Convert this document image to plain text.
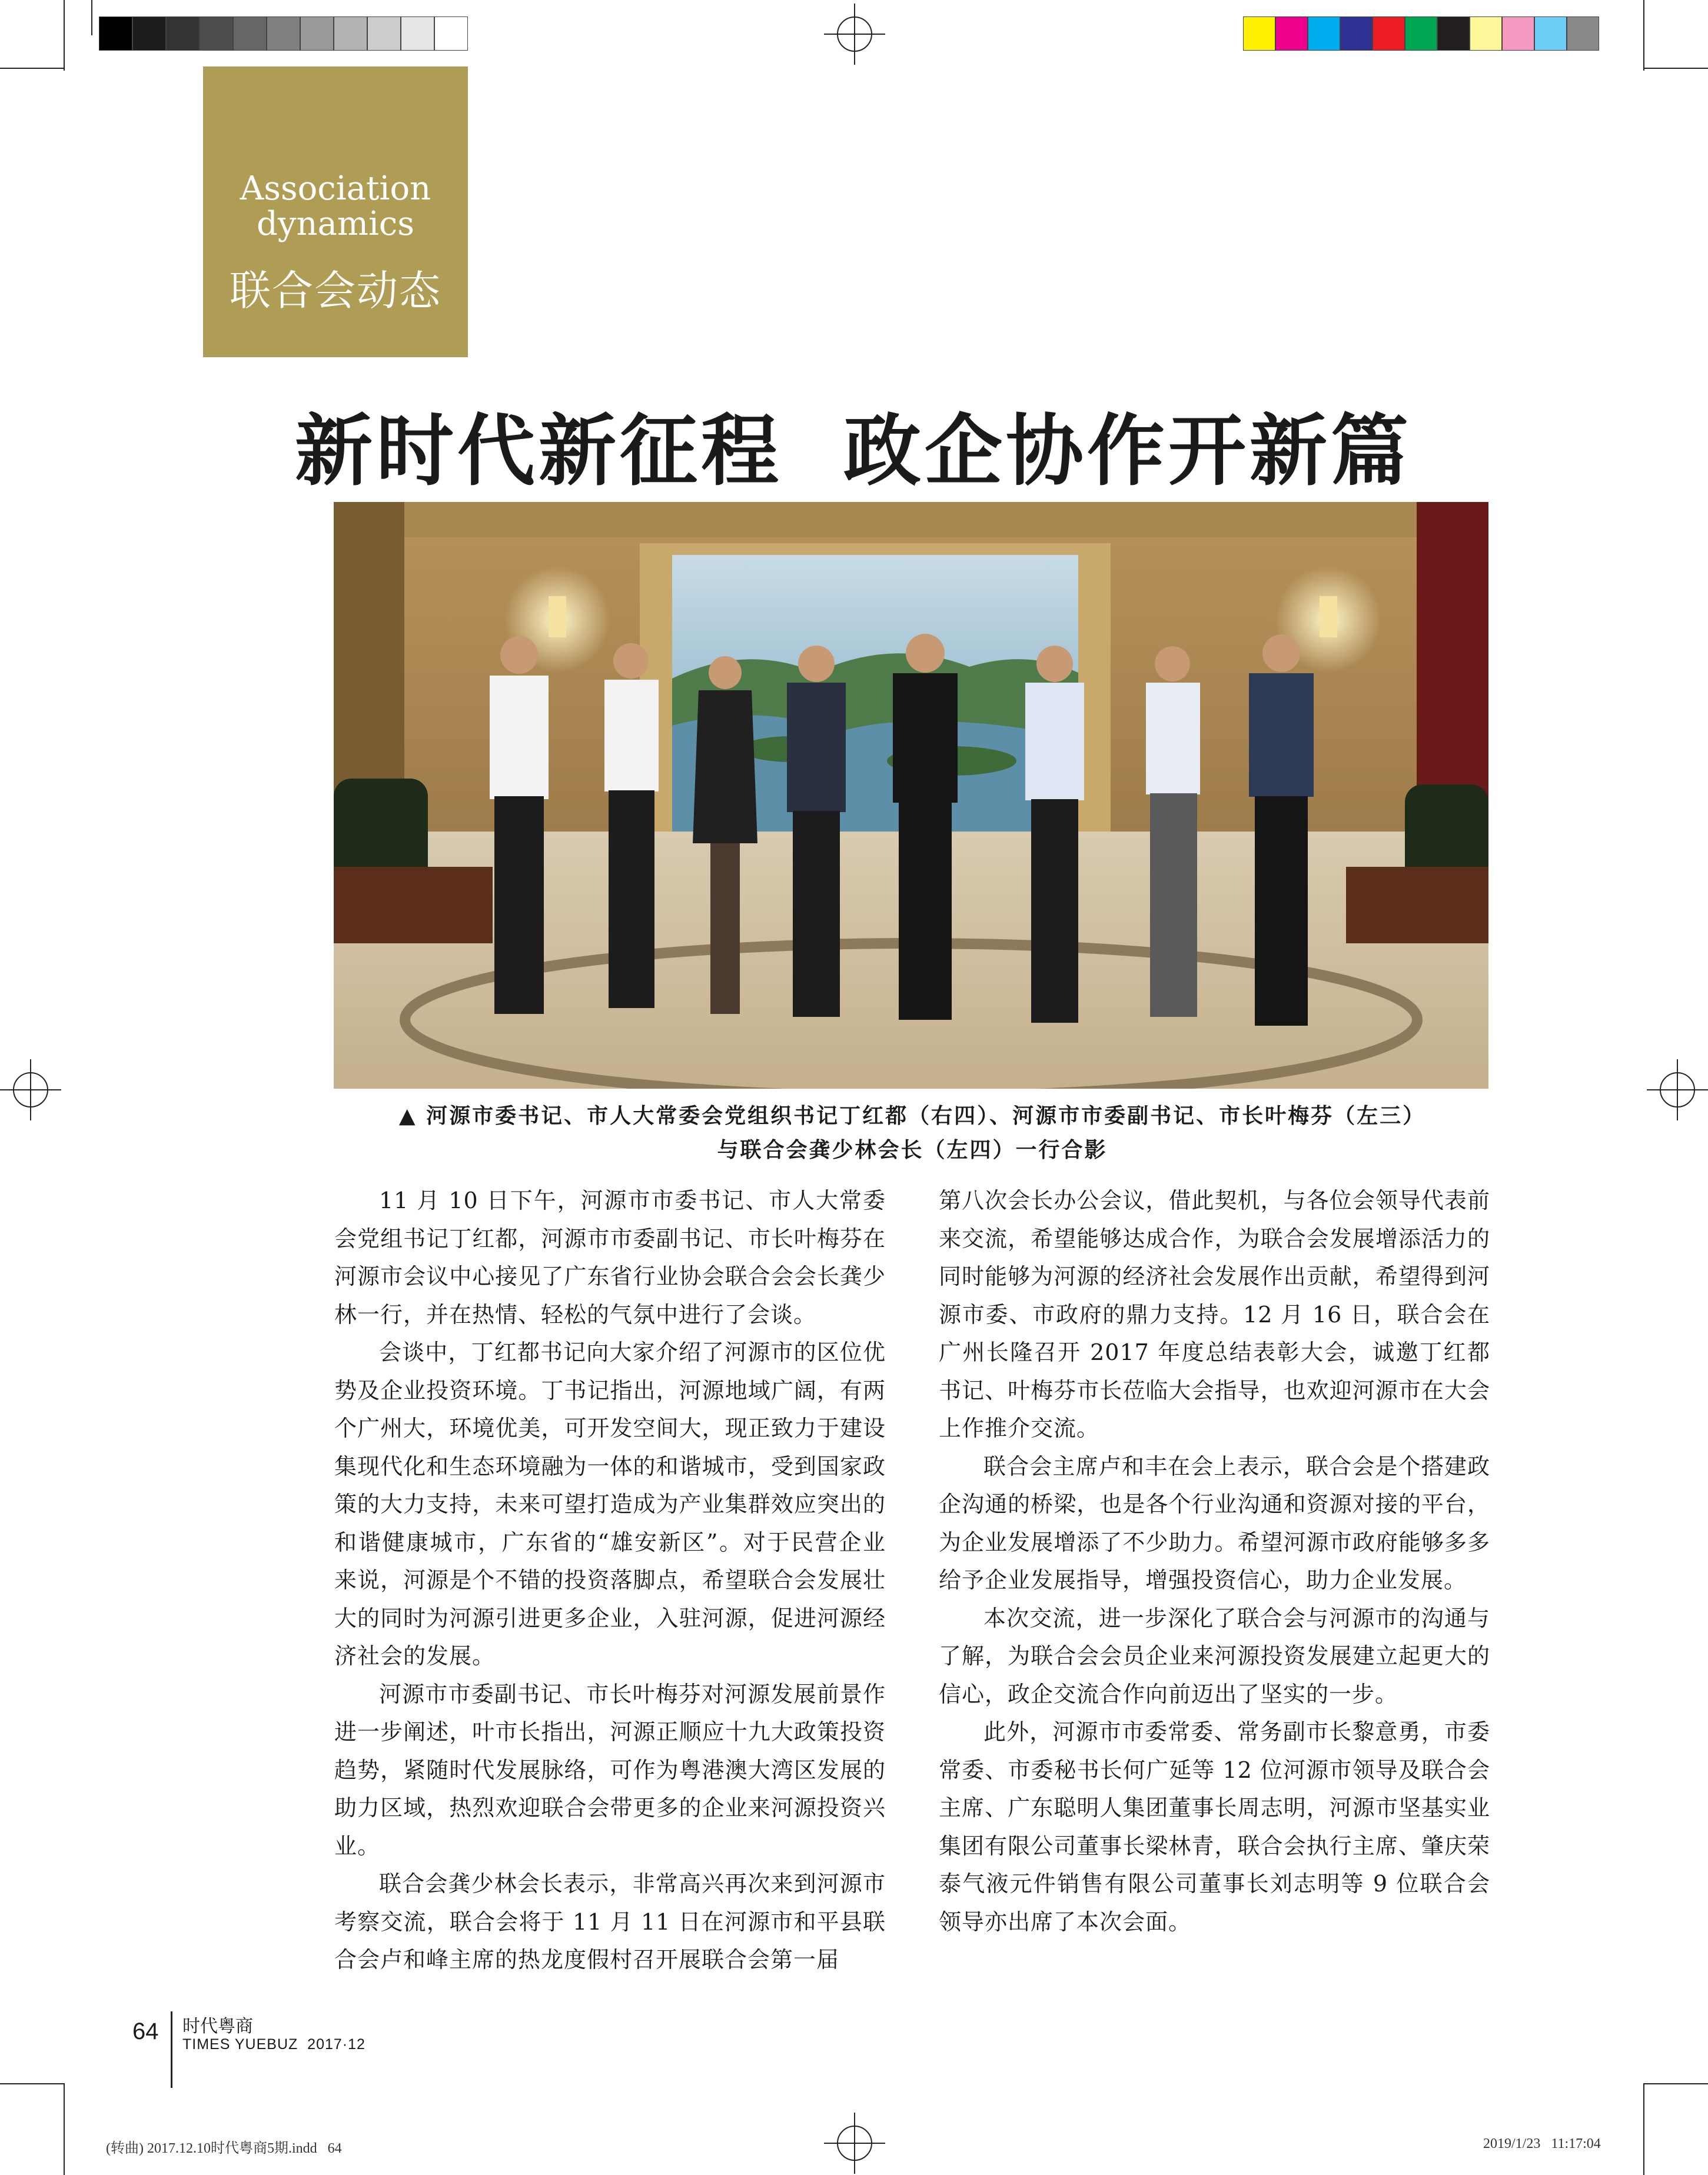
Association
dynamics
联合会动态
新时代新征程  政企协作开新篇
▲ 河源市委书记、市人大常委会党组织书记丁红都（右四）、河源市市委副书记、市长叶梅芬（左三）
与联合会龚少林会长（左四）一行合影

11 月 10 日下午，河源市市委书记、市人大常委会党组书记丁红都，河源市市委副书记、市长叶梅芬在河源市会议中心接见了广东省行业协会联合会会长龚少林一行，并在热情、轻松的气氛中进行了会谈。

会谈中，丁红都书记向大家介绍了河源市的区位优势及企业投资环境。丁书记指出，河源地域广阔，有两个广州大，环境优美，可开发空间大，现正致力于建设集现代化和生态环境融为一体的和谐城市，受到国家政策的大力支持，未来可望打造成为产业集群效应突出的和谐健康城市，广东省的“雄安新区”。对于民营企业来说，河源是个不错的投资落脚点，希望联合会发展壮大的同时为河源引进更多企业，入驻河源，促进河源经济社会的发展。

河源市市委副书记、市长叶梅芬对河源发展前景作进一步阐述，叶市长指出，河源正顺应十九大政策投资趋势，紧随时代发展脉络，可作为粤港澳大湾区发展的助力区域，热烈欢迎联合会带更多的企业来河源投资兴业。

联合会龚少林会长表示，非常高兴再次来到河源市考察交流，联合会将于 11 月 11 日在河源市和平县联合会卢和峰主席的热龙度假村召开展联合会第一届

第八次会长办公会议，借此契机，与各位会领导代表前来交流，希望能够达成合作，为联合会发展增添活力的同时能够为河源的经济社会发展作出贡献，希望得到河源市委、市政府的鼎力支持。12 月 16 日，联合会在广州长隆召开 2017 年度总结表彰大会，诚邀丁红都书记、叶梅芬市长莅临大会指导，也欢迎河源市在大会上作推介交流。

联合会主席卢和丰在会上表示，联合会是个搭建政企沟通的桥梁，也是各个行业沟通和资源对接的平台，为企业发展增添了不少助力。希望河源市政府能够多多给予企业发展指导，增强投资信心，助力企业发展。

本次交流，进一步深化了联合会与河源市的沟通与了解，为联合会会员企业来河源投资发展建立起更大的信心，政企交流合作向前迈出了坚实的一步。

此外，河源市市委常委、常务副市长黎意勇，市委常委、市委秘书长何广延等 12 位河源市领导及联合会主席、广东聪明人集团董事长周志明，河源市坚基实业集团有限公司董事长梁林青，联合会执行主席、肇庆荣泰气液元件销售有限公司董事长刘志明等 9 位联合会领导亦出席了本次会面。

64 时代粤商
TIMES YUEBUZ  2017·12
(转曲) 2017.12.10时代粤商5期.indd   64	2019/1/23   11:17:04
